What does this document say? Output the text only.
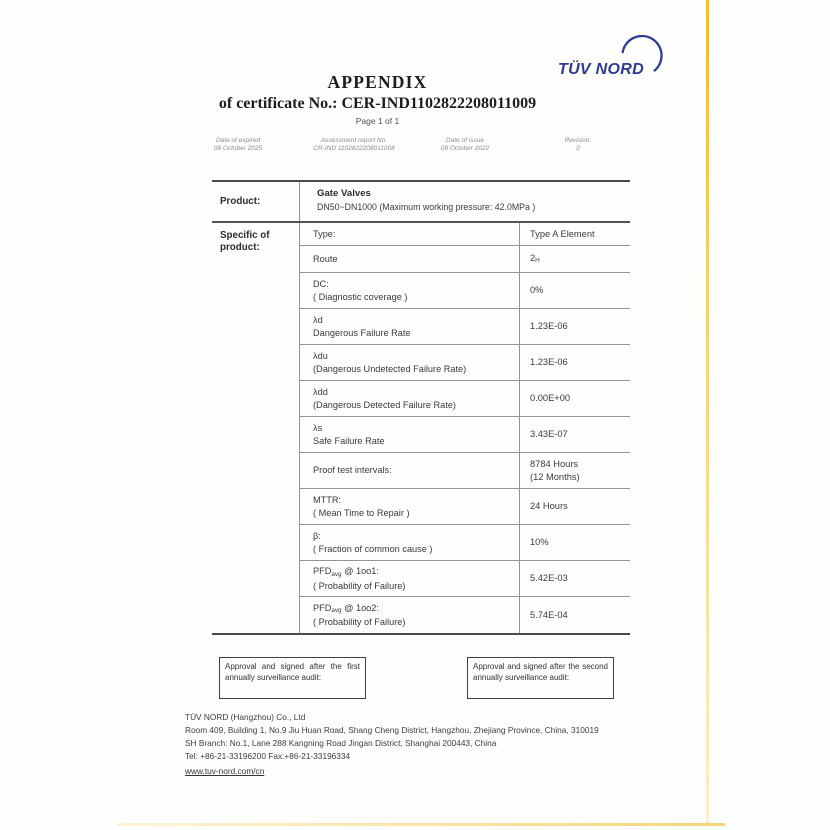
TÜV NORD
APPENDIX
of certificate No.: CER-IND1102822208011009
Page 1 of 1
Date of expired
08 October 2025
Assessment report No.
CR-IND 1102822208011008
Date of issue
09 October 2022
Revision:
0
Product:
Gate Valves
DN50~DN1000 (Maximum working pressure: 42.0MPa )
Specific of
product:
Type:	Type A Element
Route	2H
DC:
( Diagnostic coverage )
0%
λd
Dangerous Failure Rate
1.23E-06
λdu
(Dangerous Undetected Failure Rate)
1.23E-06
λdd
(Dangerous Detected Failure Rate)
0.00E+00
λs
Safe Failure Rate
3.43E-07
Proof test intervals:
8784 Hours
(12 Months)
MTTR:
( Mean Time to Repair )
24 Hours
β:
( Fraction of common cause )
10%
PFDavg @ 1oo1:
( Probability of Failure)
5.42E-03
PFDavg @ 1oo2:
( Probability of Failure)
5.74E-04
Approval and signed after the first annually surveillance audit:
Approval and signed after the second annually surveillance audit:
TÜV NORD (Hangzhou) Co., Ltd
Room 409, Building 1, No.9 Jiu Huan Road, Shang Cheng District, Hangzhou, Zhejiang Province, China, 310019
SH Branch: No.1, Lane 288 Kangning Road Jingan District, Shanghai 200443, China
Tel: +86-21-33196200 Fax:+86-21-33196334
www.tuv-nord.com/cn
